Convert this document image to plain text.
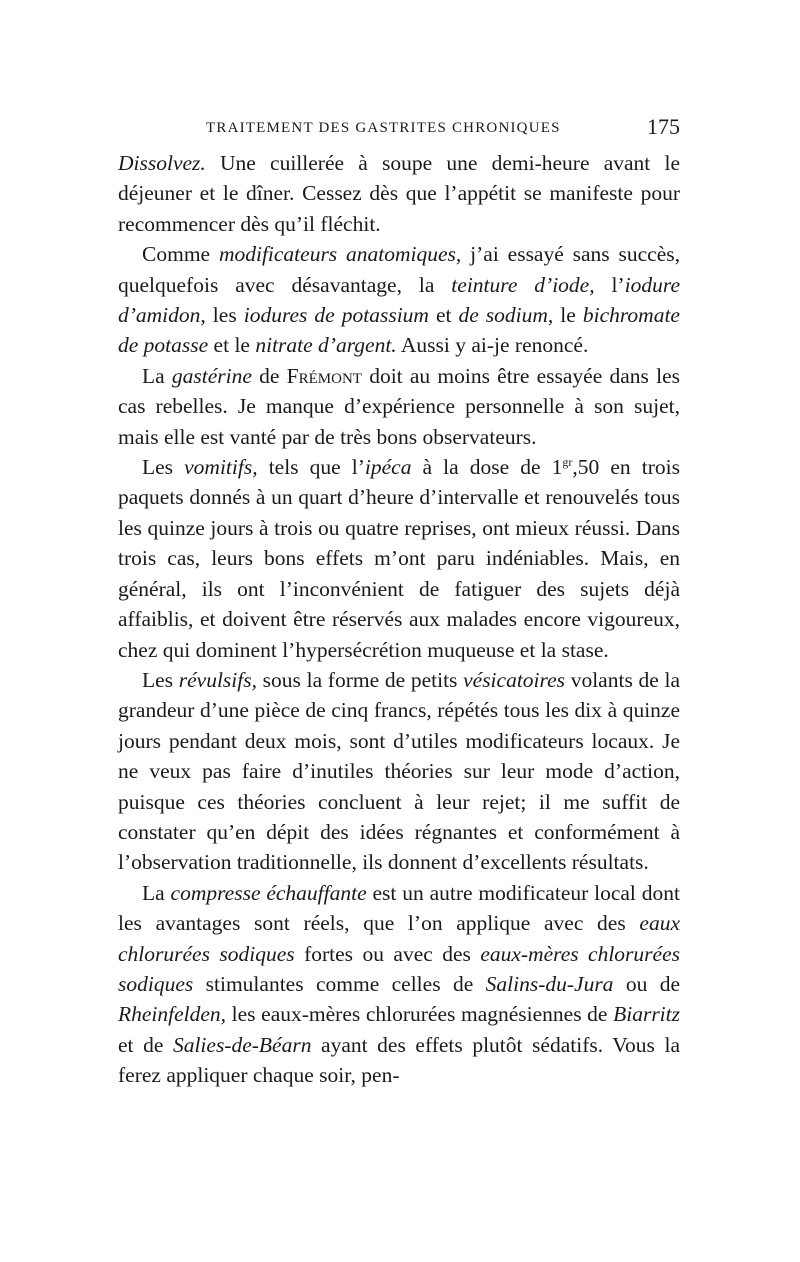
TRAITEMENT DES GASTRITES CHRONIQUES	175

Dissolvez. Une cuillerée à soupe une demi-heure avant le déjeuner et le dîner. Cessez dès que l’appétit se manifeste pour recommencer dès qu’il fléchit.

Comme modificateurs anatomiques, j’ai essayé sans succès, quelquefois avec désavantage, la teinture d’iode, l’iodure d’amidon, les iodures de potassium et de sodium, le bichromate de potasse et le nitrate d’argent. Aussi y ai-je renoncé.

La gastérine de Frémont doit au moins être essayée dans les cas rebelles. Je manque d’expérience personnelle à son sujet, mais elle est vanté par de très bons observateurs.

Les vomitifs, tels que l’ipéca à la dose de $1^{gr},50$ en trois paquets donnés à un quart d’heure d’intervalle et renouvelés tous les quinze jours à trois ou quatre reprises, ont mieux réussi. Dans trois cas, leurs bons effets m’ont paru indéniables. Mais, en général, ils ont l’inconvénient de fatiguer des sujets déjà affaiblis, et doivent être réservés aux malades encore vigoureux, chez qui dominent l’hypersécrétion muqueuse et la stase.

Les révulsifs, sous la forme de petits vésicatoires volants de la grandeur d’une pièce de cinq francs, répétés tous les dix à quinze jours pendant deux mois, sont d’utiles modificateurs locaux. Je ne veux pas faire d’inutiles théories sur leur mode d’action, puisque ces théories concluent à leur rejet; il me suffit de constater qu’en dépit des idées régnantes et conformément à l’observation traditionnelle, ils donnent d’excellents résultats.

La compresse échauffante est un autre modificateur local dont les avantages sont réels, que l’on applique avec des eaux chlorurées sodiques fortes ou avec des eaux-mères chlorurées sodiques stimulantes comme celles de Salins-du-Jura ou de Rheinfelden, les eaux-mères chlorurées magnésiennes de Biarritz et de Salies-de-Béarn ayant des effets plutôt sédatifs. Vous la ferez appliquer chaque soir, pen-
